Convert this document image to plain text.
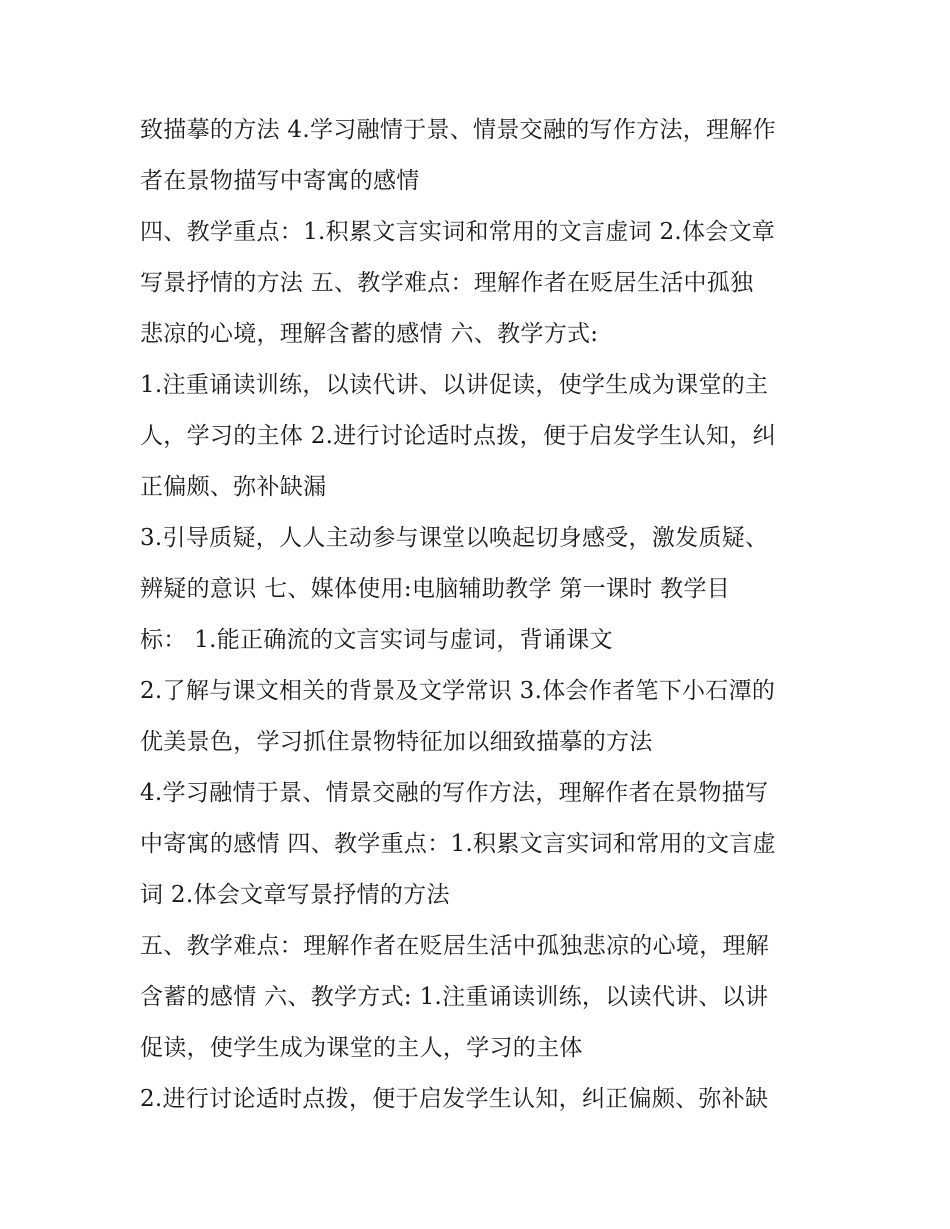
致描摹的方法 4.学习融情于景、情景交融的写作方法，理解作
者在景物描写中寄寓的感情
四、教学重点：1.积累文言实词和常用的文言虚词 2.体会文章
写景抒情的方法 五、教学难点：理解作者在贬居生活中孤独
悲凉的心境，理解含蓄的感情 六、教学方式:
1.注重诵读训练，以读代讲、以讲促读，使学生成为课堂的主
人，学习的主体 2.进行讨论适时点拨，便于启发学生认知，纠
正偏颇、弥补缺漏
3.引导质疑，人人主动参与课堂以唤起切身感受，激发质疑、
辨疑的意识 七、媒体使用:电脑辅助教学 第一课时 教学目
标： 1.能正确流的文言实词与虚词，背诵课文
2.了解与课文相关的背景及文学常识 3.体会作者笔下小石潭的
优美景色，学习抓住景物特征加以细致描摹的方法
4.学习融情于景、情景交融的写作方法，理解作者在景物描写
中寄寓的感情 四、教学重点：1.积累文言实词和常用的文言虚
词 2.体会文章写景抒情的方法
五、教学难点：理解作者在贬居生活中孤独悲凉的心境，理解
含蓄的感情 六、教学方式: 1.注重诵读训练，以读代讲、以讲
促读，使学生成为课堂的主人，学习的主体
2.进行讨论适时点拨，便于启发学生认知，纠正偏颇、弥补缺
